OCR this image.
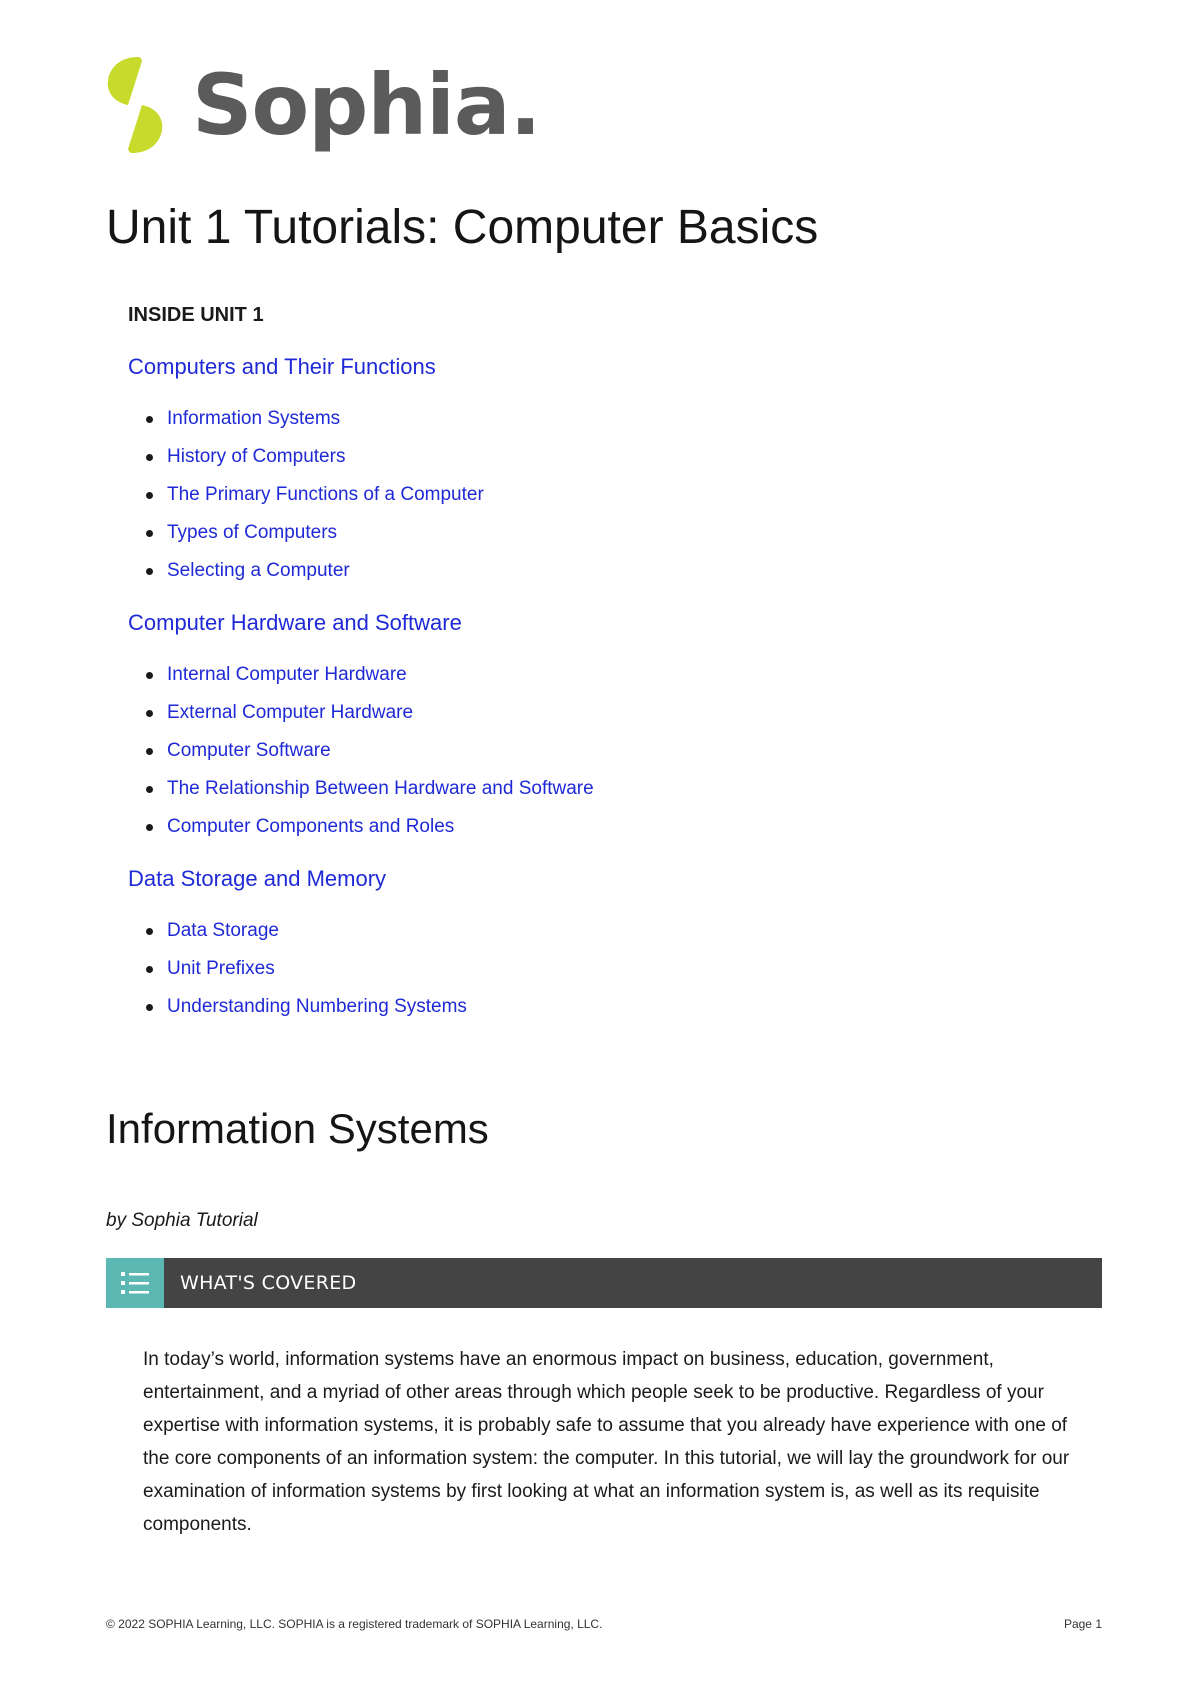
Sophia.
Unit 1 Tutorials: Computer Basics
INSIDE UNIT 1
Computers and Their Functions
Information Systems
History of Computers
The Primary Functions of a Computer
Types of Computers
Selecting a Computer
Computer Hardware and Software
Internal Computer Hardware
External Computer Hardware
Computer Software
The Relationship Between Hardware and Software
Computer Components and Roles
Data Storage and Memory
Data Storage
Unit Prefixes
Understanding Numbering Systems
Information Systems
by Sophia Tutorial
WHAT'S COVERED

In today’s world, information systems have an enormous impact on business, education, government, entertainment, and a myriad of other areas through which people seek to be productive. Regardless of your expertise with information systems, it is probably safe to assume that you already have experience with one of the core components of an information system: the computer. In this tutorial, we will lay the groundwork for our examination of information systems by first looking at what an information system is, as well as its requisite components.

© 2022 SOPHIA Learning, LLC. SOPHIA is a registered trademark of SOPHIA Learning, LLC.	Page 1
